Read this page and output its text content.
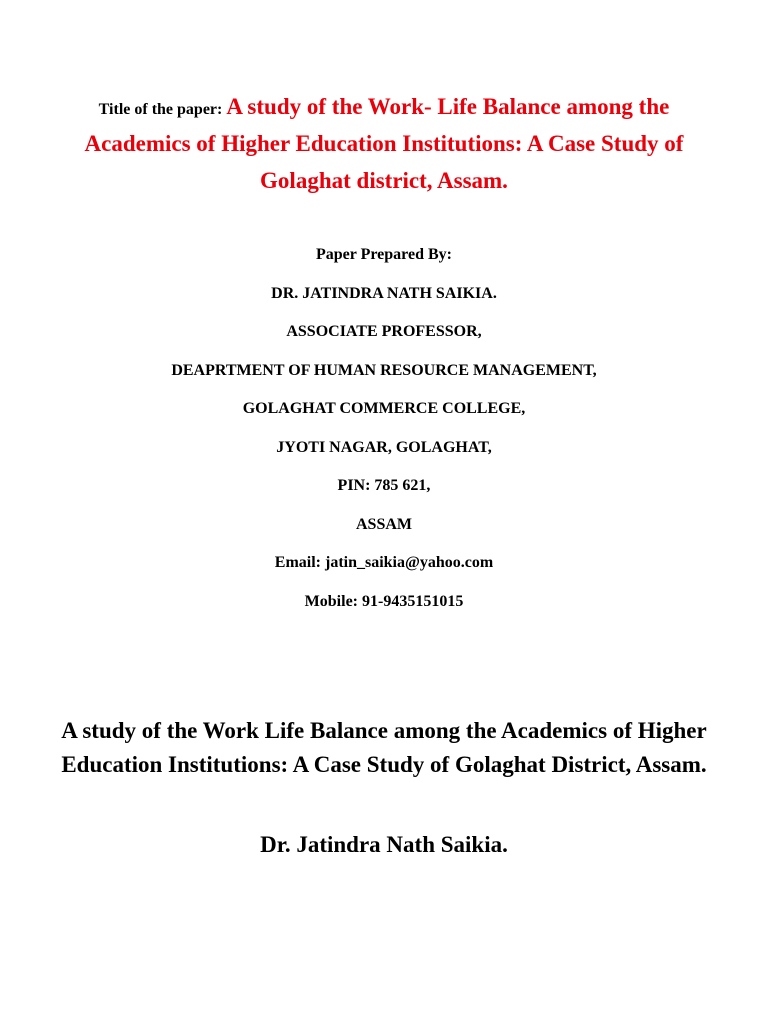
Title of the paper: A study of the Work- Life Balance among the Academics of Higher Education Institutions: A Case Study of Golaghat district, Assam.
Paper Prepared By:
DR. JATINDRA NATH SAIKIA.
ASSOCIATE PROFESSOR,
DEAPRTMENT OF HUMAN RESOURCE MANAGEMENT,
GOLAGHAT COMMERCE COLLEGE,
JYOTI NAGAR, GOLAGHAT,
PIN: 785 621,
ASSAM
Email: jatin_saikia@yahoo.com
Mobile: 91-9435151015
A study of the Work Life Balance among the Academics of Higher Education Institutions: A Case Study of Golaghat District, Assam.
Dr. Jatindra Nath Saikia.
